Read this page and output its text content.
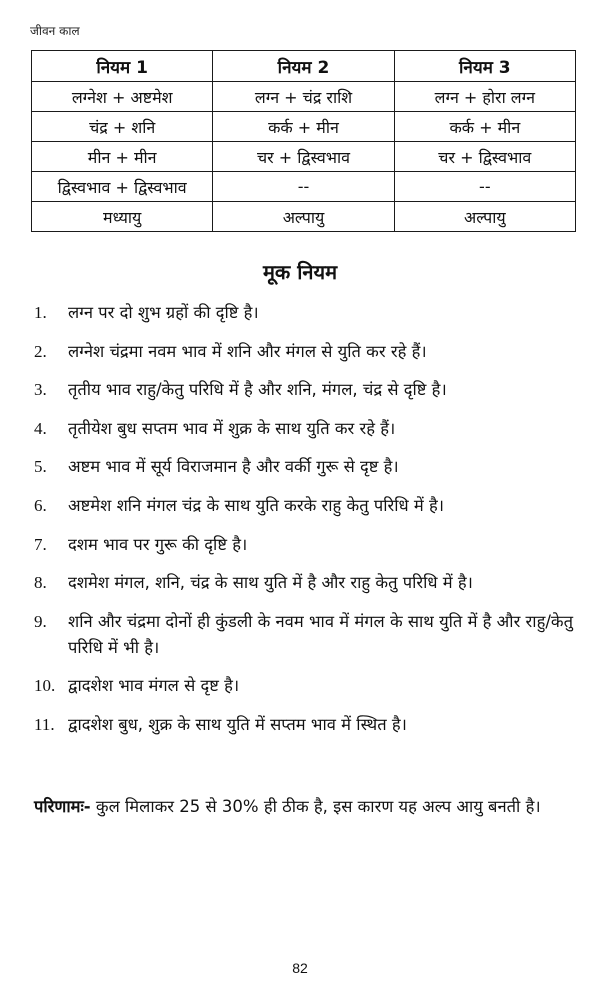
जीवन काल
नियम 1	नियम 2	नियम 3
लग्नेश + अष्टमेश	लग्न + चंद्र राशि	लग्न + होरा लग्न
चंद्र + शनि	कर्क + मीन	कर्क + मीन
मीन + मीन	चर + द्विस्वभाव	चर + द्विस्वभाव
द्विस्वभाव + द्विस्वभाव	--	--
मध्यायु	अल्पायु	अल्पायु
मूक नियम
1.	लग्न पर दो शुभ ग्रहों की दृष्टि है।
2.	लग्नेश चंद्रमा नवम भाव में शनि और मंगल से युति कर रहे हैं।
3.	तृतीय भाव राहु/केतु परिधि में है और शनि, मंगल, चंद्र से दृष्टि है।
4.	तृतीयेश बुध सप्तम भाव में शुक्र के साथ युति कर रहे हैं।
5.	अष्टम भाव में सूर्य विराजमान है और वर्की गुरू से दृष्ट है।
6.	अष्टमेश शनि मंगल चंद्र के साथ युति करके राहु केतु परिधि में है।
7.	दशम भाव पर गुरू की दृष्टि है।
8.	दशमेश मंगल, शनि, चंद्र के साथ युति में है और राहु केतु परिधि में है।
9.	शनि और चंद्रमा दोनों ही कुंडली के नवम भाव में मंगल के साथ युति में है और राहु/केतु परिधि में भी है।
10. द्वादशेश भाव मंगल से दृष्ट है।
11. द्वादशेश बुध, शुक्र के साथ युति में सप्तम भाव में स्थित है।

परिणामः- कुल मिलाकर 25 से 30% ही ठीक है, इस कारण यह अल्प आयु बनती है।

82
